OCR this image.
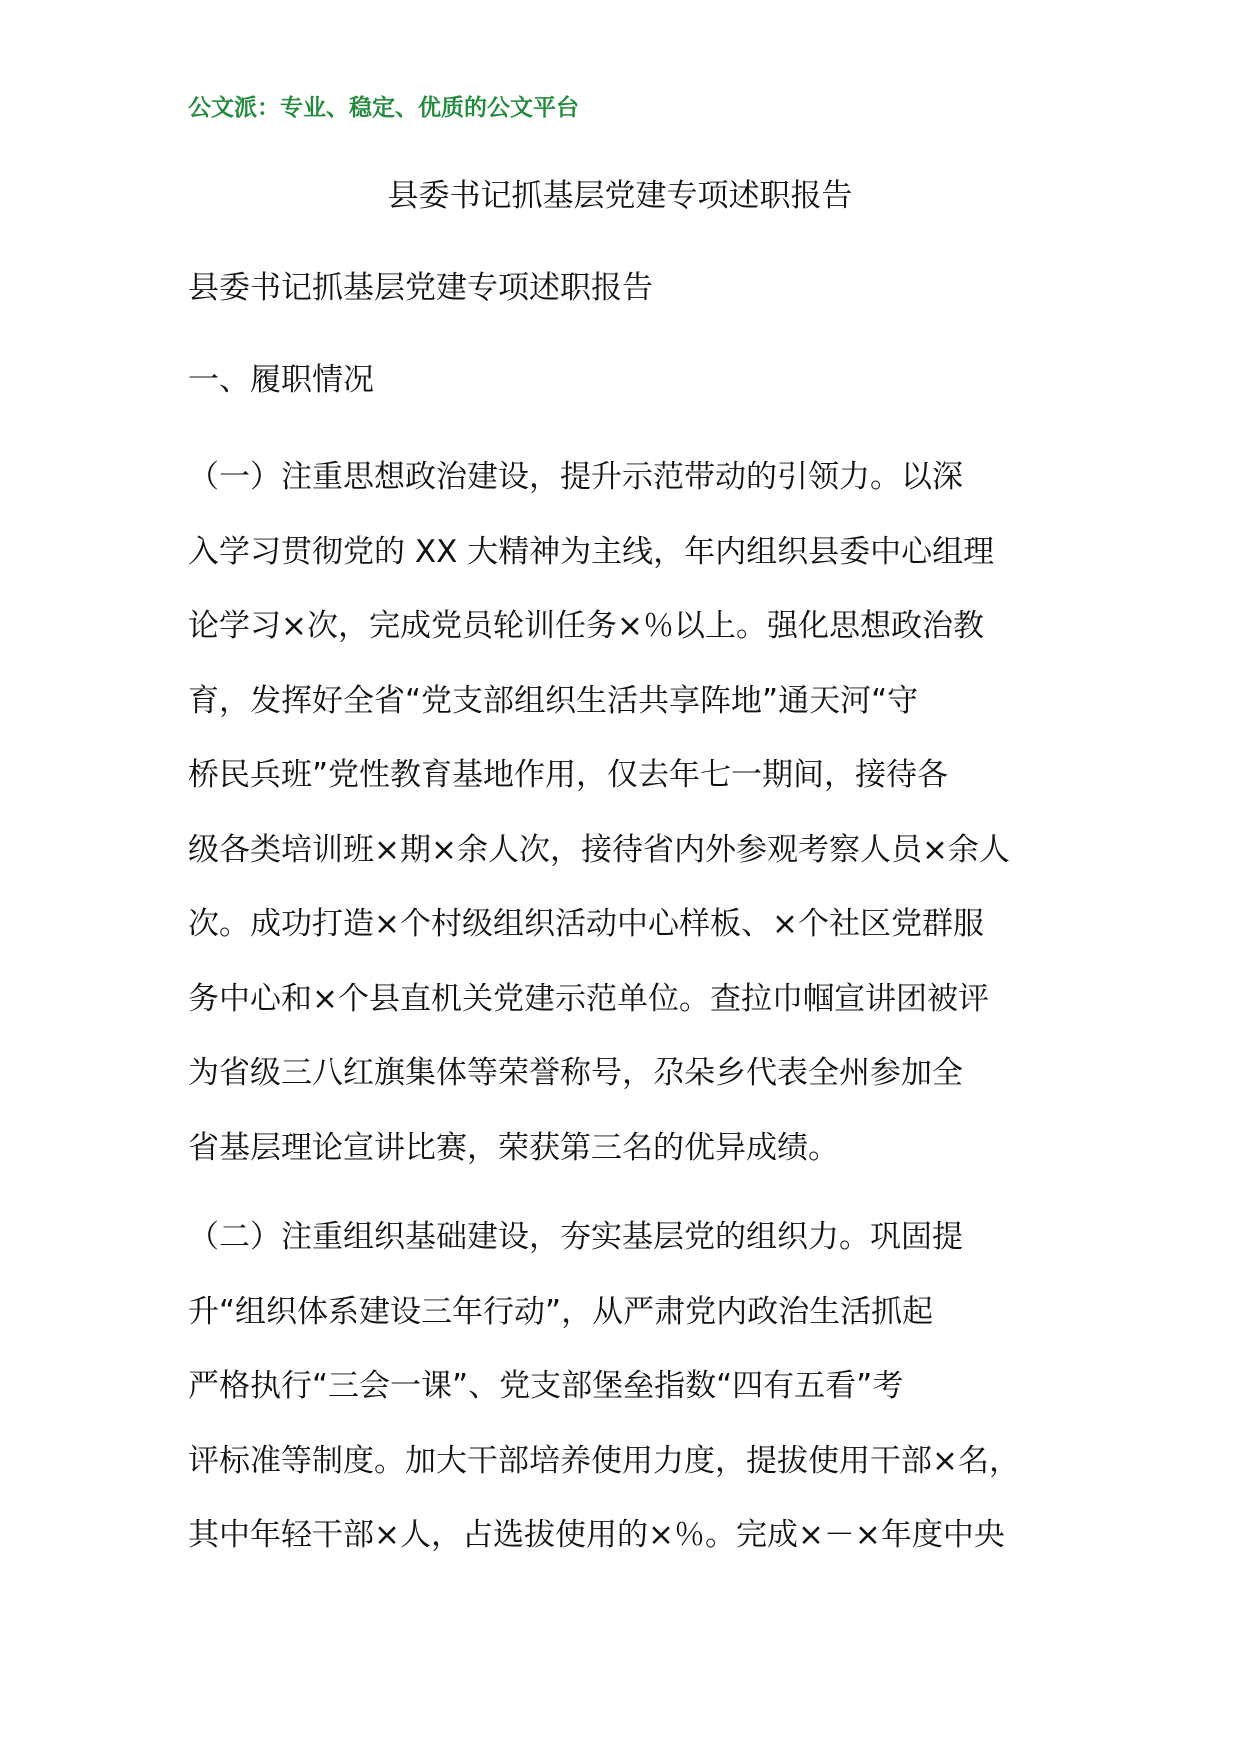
公文派：专业、稳定、优质的公文平台
县委书记抓基层党建专项述职报告
县委书记抓基层党建专项述职报告
一、履职情况
（一）注重思想政治建设，提升示范带动的引领力。以深
入学习贯彻党的 XX 大精神为主线，年内组织县委中心组理
论学习×次，完成党员轮训任务×％以上。强化思想政治教
育，发挥好全省“党支部组织生活共享阵地”通天河“守
桥民兵班”党性教育基地作用，仅去年七一期间，接待各
级各类培训班×期×余人次，接待省内外参观考察人员×余人
次。成功打造×个村级组织活动中心样板、×个社区党群服
务中心和×个县直机关党建示范单位。查拉巾帼宣讲团被评
为省级三八红旗集体等荣誉称号，尕朵乡代表全州参加全
省基层理论宣讲比赛，荣获第三名的优异成绩。
（二）注重组织基础建设，夯实基层党的组织力。巩固提
升“组织体系建设三年行动”，从严肃党内政治生活抓起
严格执行“三会一课”、党支部堡垒指数“四有五看”考
评标准等制度。加大干部培养使用力度，提拔使用干部×名，
其中年轻干部×人，占选拔使用的×％。完成×－×年度中央
